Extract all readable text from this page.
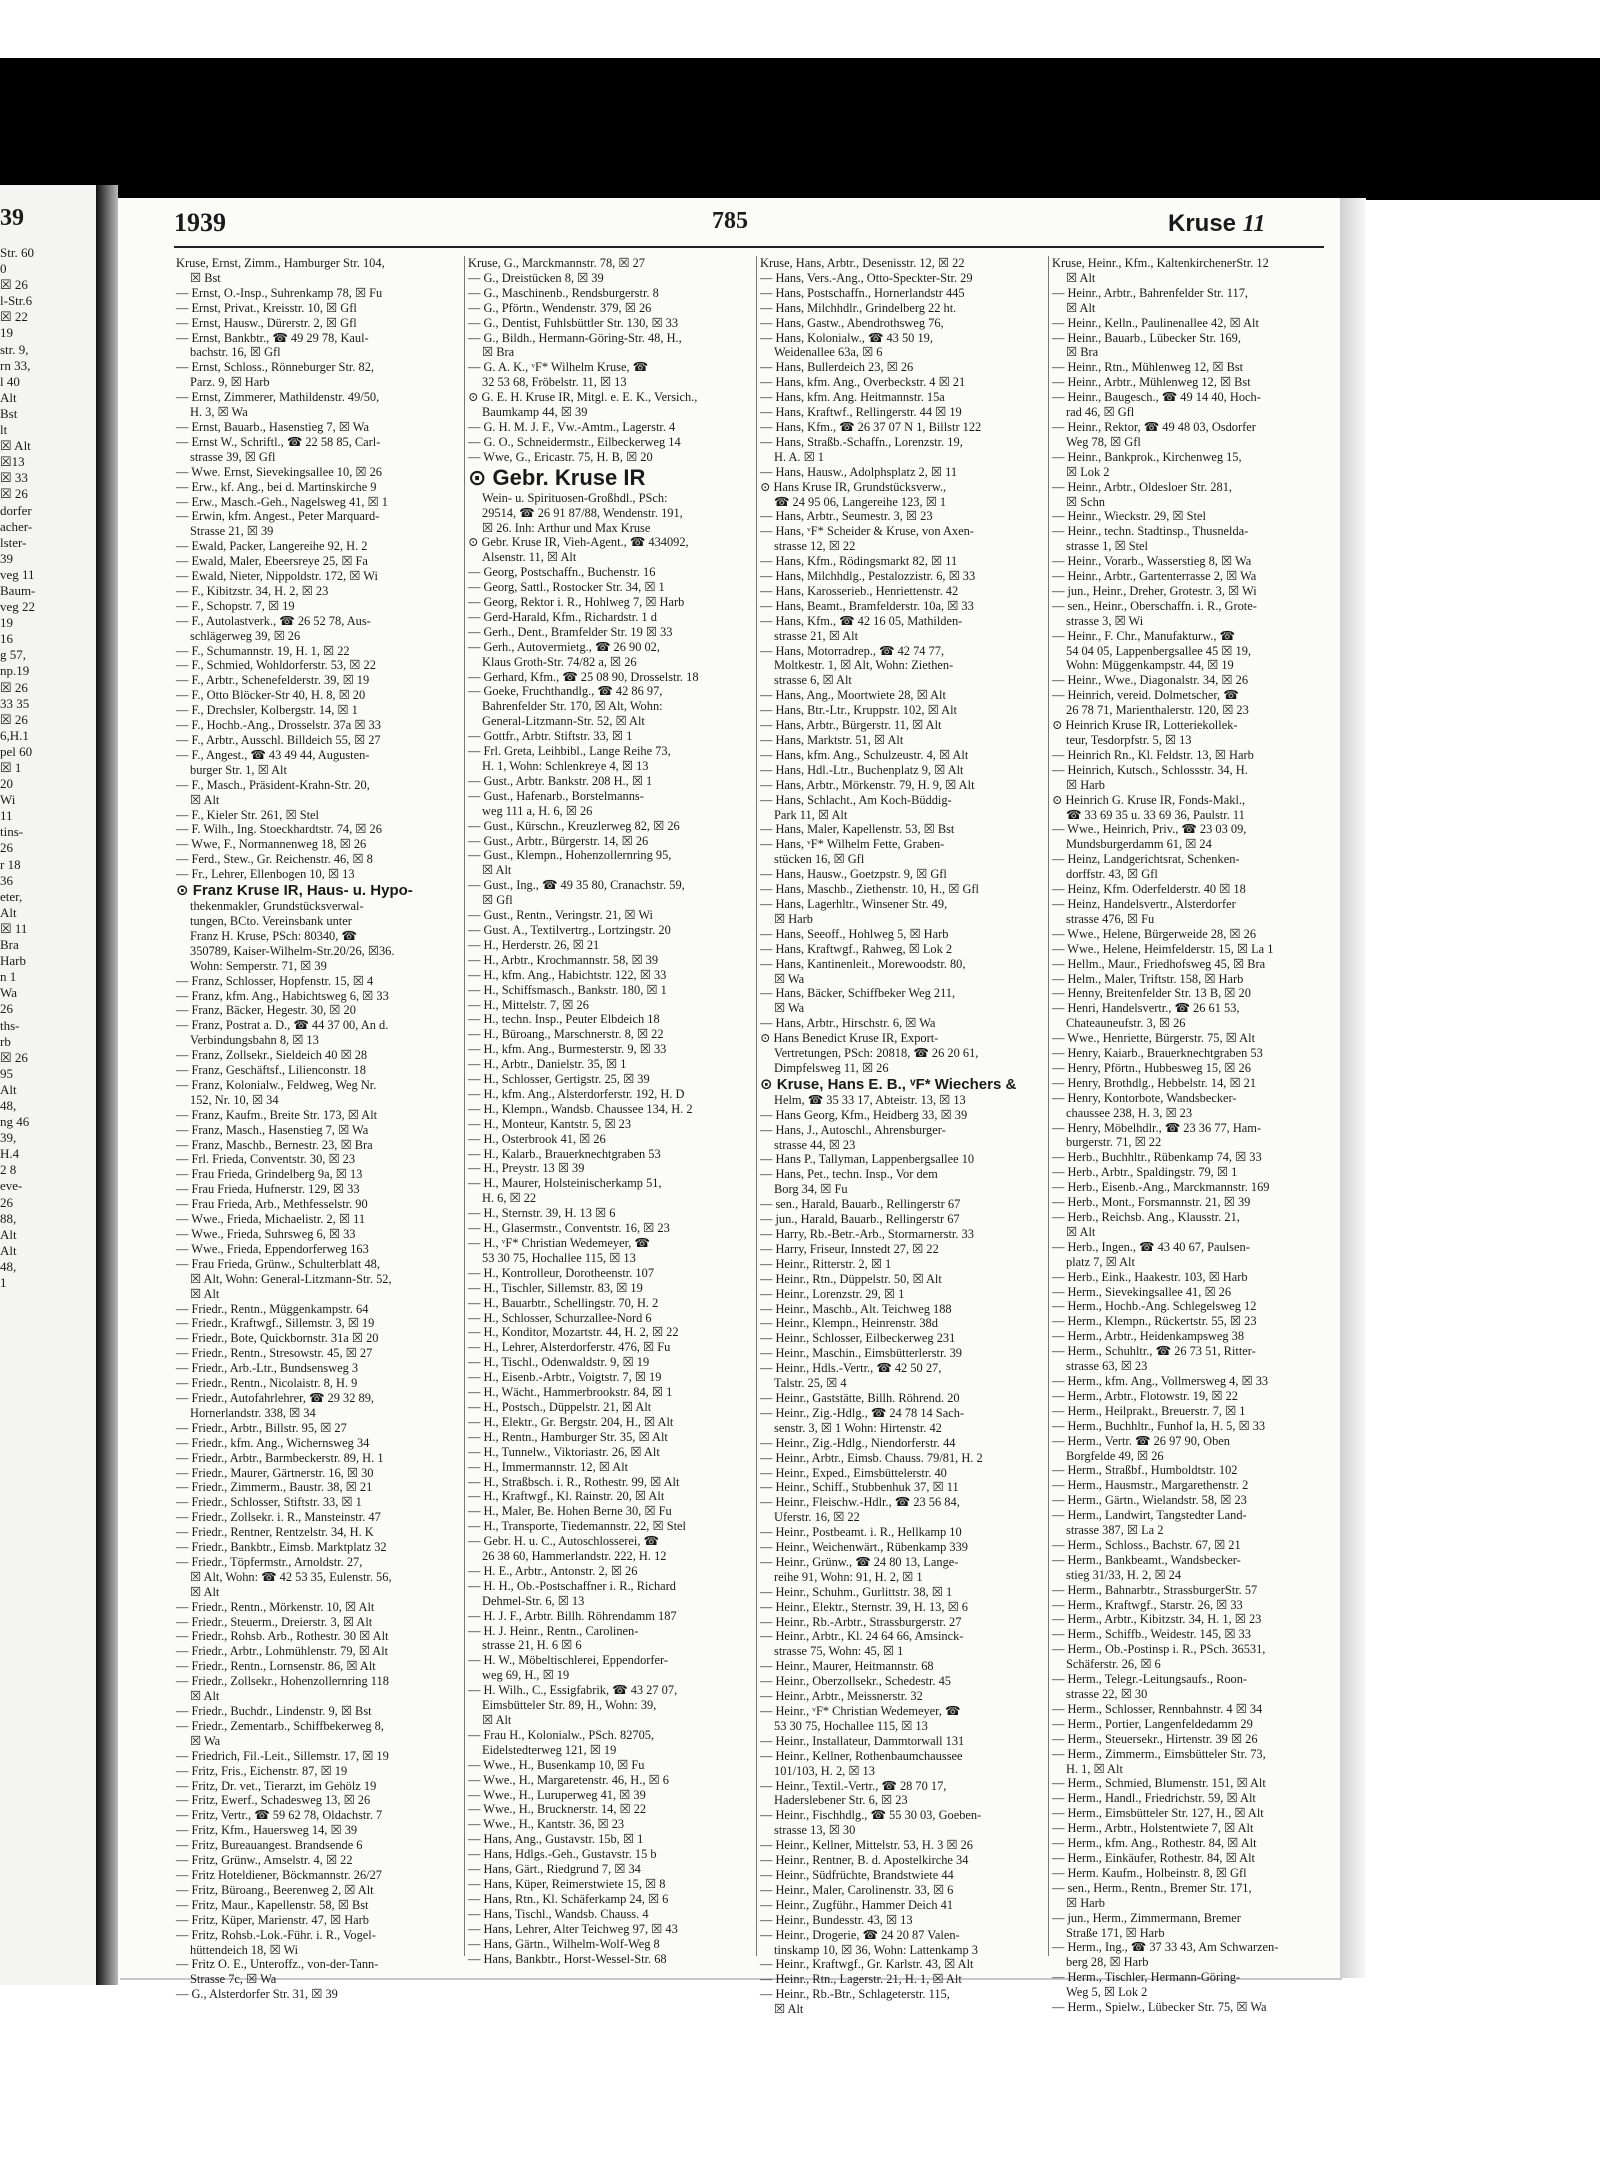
39
Str. 60
0
☒ 26
l-Str.6
☒ 22
19
str. 9,
rn 33,
l 40
Alt
Bst
lt
☒ Alt
☒13
☒ 33
☒ 26
dorfer
acher-
lster-
39
veg 11
Baum-
veg 22
19
16
g 57,
np.19
☒ 26
33 35
☒ 26
6,H.1
pel 60
☒ 1
20
Wi
11
tins-
26
r 18
36
eter,
Alt
☒ 11
Bra
Harb
n 1
Wa
26
ths-
rb
☒ 26
95
Alt
48,
ng 46
39,
H.4
2 8
eve-
26
88,
Alt
Alt
48,
1
1939	785	Kruse 11
Kruse, Ernst, Zimm., Hamburger Str. 104,
☒ Bst
— Ernst, O.-Insp., Suhrenkamp 78, ☒ Fu
— Ernst, Privat., Kreisstr. 10, ☒ Gfl
— Ernst, Hausw., Dürerstr. 2, ☒ Gfl
— Ernst, Bankbtr., ☎ 49 29 78, Kaul-
bachstr. 16, ☒ Gfl
— Ernst, Schloss., Rönneburger Str. 82,
Parz. 9, ☒ Harb
— Ernst, Zimmerer, Mathildenstr. 49/50,
H. 3, ☒ Wa
— Ernst, Bauarb., Hasenstieg 7, ☒ Wa
— Ernst W., Schriftl., ☎ 22 58 85, Carl-
strasse 39, ☒ Gfl
— Wwe. Ernst, Sievekingsallee 10, ☒ 26
— Erw., kf. Ang., bei d. Martinskirche 9
— Erw., Masch.-Geh., Nagelsweg 41, ☒ 1
— Erwin, kfm. Angest., Peter Marquard-
Strasse 21, ☒ 39
— Ewald, Packer, Langereihe 92, H. 2
— Ewald, Maler, Ebeersreye 25, ☒ Fa
— Ewald, Nieter, Nippoldstr. 172, ☒ Wi
— F., Kibitzstr. 34, H. 2, ☒ 23
— F., Schopstr. 7, ☒ 19
— F., Autolastverk., ☎ 26 52 78, Aus-
schlägerweg 39, ☒ 26
— F., Schumannstr. 19, H. 1, ☒ 22
— F., Schmied, Wohldorferstr. 53, ☒ 22
— F., Arbtr., Schenefelderstr. 39, ☒ 19
— F., Otto Blöcker-Str 40, H. 8, ☒ 20
— F., Drechsler, Kolbergstr. 14, ☒ 1
— F., Hochb.-Ang., Drosselstr. 37a ☒ 33
— F., Arbtr., Ausschl. Billdeich 55, ☒ 27
— F., Angest., ☎ 43 49 44, Augusten-
burger Str. 1, ☒ Alt
— F., Masch., Präsident-Krahn-Str. 20,
☒ Alt
— F., Kieler Str. 261, ☒ Stel
— F. Wilh., Ing. Stoeckhardtstr. 74, ☒ 26
— Wwe, F., Normannenweg 18, ☒ 26
— Ferd., Stew., Gr. Reichenstr. 46, ☒ 8
— Fr., Lehrer, Ellenbogen 10, ☒ 13
⊙ Franz Kruse IR, Haus- u. Hypo-
thekenmakler, Grundstücksverwal-
tungen, BCto. Vereinsbank unter
Franz H. Kruse, PSch: 80340, ☎
350789, Kaiser-Wilhelm-Str.20/26, ☒36.
Wohn: Semperstr. 71, ☒ 39
— Franz, Schlosser, Hopfenstr. 15, ☒ 4
— Franz, kfm. Ang., Habichtsweg 6, ☒ 33
— Franz, Bäcker, Hegestr. 30, ☒ 20
— Franz, Postrat a. D., ☎ 44 37 00, An d.
Verbindungsbahn 8, ☒ 13
— Franz, Zollsekr., Sieldeich 40 ☒ 28
— Franz, Geschäftsf., Lilienconstr. 18
— Franz, Kolonialw., Feldweg, Weg Nr.
152, Nr. 10, ☒ 34
— Franz, Kaufm., Breite Str. 173, ☒ Alt
— Franz, Masch., Hasenstieg 7, ☒ Wa
— Franz, Maschb., Bernestr. 23, ☒ Bra
— Frl. Frieda, Conventstr. 30, ☒ 23
— Frau Frieda, Grindelberg 9a, ☒ 13
— Frau Frieda, Hufnerstr. 129, ☒ 33
— Frau Frieda, Arb., Methfesselstr. 90
— Wwe., Frieda, Michaelistr. 2, ☒ 11
— Wwe., Frieda, Suhrsweg 6, ☒ 33
— Wwe., Frieda, Eppendorferweg 163
— Frau Frieda, Grünw., Schulterblatt 48,
☒ Alt, Wohn: General-Litzmann-Str. 52,
☒ Alt
— Friedr., Rentn., Müggenkampstr. 64
— Friedr., Kraftwgf., Sillemstr. 3, ☒ 19
— Friedr., Bote, Quickbornstr. 31a ☒ 20
— Friedr., Rentn., Stresowstr. 45, ☒ 27
— Friedr., Arb.-Ltr., Bundsensweg 3
— Friedr., Rentn., Nicolaistr. 8, H. 9
— Friedr., Autofahrlehrer, ☎ 29 32 89,
Hornerlandstr. 338, ☒ 34
— Friedr., Arbtr., Billstr. 95, ☒ 27
— Friedr., kfm. Ang., Wichernsweg 34
— Friedr., Arbtr., Barmbeckerstr. 89, H. 1
— Friedr., Maurer, Gärtnerstr. 16, ☒ 30
— Friedr., Zimmerm., Baustr. 38, ☒ 21
— Friedr., Schlosser, Stiftstr. 33, ☒ 1
— Friedr., Zollsekr. i. R., Mansteinstr. 47
— Friedr., Rentner, Rentzelstr. 34, H. K
— Friedr., Bankbtr., Eimsb. Marktplatz 32
— Friedr., Töpfermstr., Arnoldstr. 27,
☒ Alt, Wohn: ☎ 42 53 35, Eulenstr. 56,
☒ Alt
— Friedr., Rentn., Mörkenstr. 10, ☒ Alt
— Friedr., Steuerm., Dreierstr. 3, ☒ Alt
— Friedr., Rohsb. Arb., Rothestr. 30 ☒ Alt
— Friedr., Arbtr., Lohmühlenstr. 79, ☒ Alt
— Friedr., Rentn., Lornsenstr. 86, ☒ Alt
— Friedr., Zollsekr., Hohenzollernring 118
☒ Alt
— Friedr., Buchdr., Lindenstr. 9, ☒ Bst
— Friedr., Zementarb., Schiffbekerweg 8,
☒ Wa
— Friedrich, Fil.-Leit., Sillemstr. 17, ☒ 19
— Fritz, Fris., Eichenstr. 87, ☒ 19
— Fritz, Dr. vet., Tierarzt, im Gehölz 19
— Fritz, Ewerf., Schadesweg 13, ☒ 26
— Fritz, Vertr., ☎ 59 62 78, Oldachstr. 7
— Fritz, Kfm., Hauersweg 14, ☒ 39
— Fritz, Bureauangest. Brandsende 6
— Fritz, Grünw., Amselstr. 4, ☒ 22
— Fritz Hoteldiener, Böckmannstr. 26/27
— Fritz, Büroang., Beerenweg 2, ☒ Alt
— Fritz, Maur., Kapellenstr. 58, ☒ Bst
— Fritz, Küper, Marienstr. 47, ☒ Harb
— Fritz, Rohsb.-Lok.-Führ. i. R., Vogel-
hüttendeich 18, ☒ Wi
— Fritz O. E., Unteroffz., von-der-Tann-
Strasse 7c, ☒ Wa
— G., Alsterdorfer Str. 31, ☒ 39
Kruse, G., Marckmannstr. 78, ☒ 27
— G., Dreistücken 8, ☒ 39
— G., Maschinenb., Rendsburgerstr. 8
— G., Pförtn., Wendenstr. 379, ☒ 26
— G., Dentist, Fuhlsbüttler Str. 130, ☒ 33
— G., Bildh., Hermann-Göring-Str. 48, H.,
☒ Bra
— G. A. K., ᵛF* Wilhelm Kruse, ☎
32 53 68, Fröbelstr. 11, ☒ 13
⊙ G. E. H. Kruse IR, Mitgl. e. E. K., Versich.,
Baumkamp 44, ☒ 39
— G. H. M. J. F., Vw.-Amtm., Lagerstr. 4
— G. O., Schneidermstr., Eilbeckerweg 14
— Wwe, G., Ericastr. 75, H. B, ☒ 20
⊙ Gebr. Kruse IR
Wein- u. Spirituosen-Großhdl., PSch:
29514, ☎ 26 91 87/88, Wendenstr. 191,
☒ 26. Inh: Arthur und Max Kruse
⊙ Gebr. Kruse IR, Vieh-Agent., ☎ 434092,
Alsenstr. 11, ☒ Alt
— Georg, Postschaffn., Buchenstr. 16
— Georg, Sattl., Rostocker Str. 34, ☒ 1
— Georg, Rektor i. R., Hohlweg 7, ☒ Harb
— Gerd-Harald, Kfm., Richardstr. 1 d
— Gerh., Dent., Bramfelder Str. 19 ☒ 33
— Gerh., Autovermietg., ☎ 26 90 02,
Klaus Groth-Str. 74/82 a, ☒ 26
— Gerhard, Kfm., ☎ 25 08 90, Drosselstr. 18
— Goeke, Fruchthandlg., ☎ 42 86 97,
Bahrenfelder Str. 170, ☒ Alt, Wohn:
General-Litzmann-Str. 52, ☒ Alt
— Gottfr., Arbtr. Stiftstr. 33, ☒ 1
— Frl. Greta, Leihbibl., Lange Reihe 73,
H. 1, Wohn: Schlenkreye 4, ☒ 13
— Gust., Arbtr. Bankstr. 208 H., ☒ 1
— Gust., Hafenarb., Borstelmanns-
weg 111 a, H. 6, ☒ 26
— Gust., Kürschn., Kreuzlerweg 82, ☒ 26
— Gust., Arbtr., Bürgerstr. 14, ☒ 26
— Gust., Klempn., Hohenzollernring 95,
☒ Alt
— Gust., Ing., ☎ 49 35 80, Cranachstr. 59,
☒ Gfl
— Gust., Rentn., Veringstr. 21, ☒ Wi
— Gust. A., Textilvertrg., Lortzingstr. 20
— H., Herderstr. 26, ☒ 21
— H., Arbtr., Krochmannstr. 58, ☒ 39
— H., kfm. Ang., Habichtstr. 122, ☒ 33
— H., Schiffsmasch., Bankstr. 180, ☒ 1
— H., Mittelstr. 7, ☒ 26
— H., techn. Insp., Peuter Elbdeich 18
— H., Büroang., Marschnerstr. 8, ☒ 22
— H., kfm. Ang., Burmesterstr. 9, ☒ 33
— H., Arbtr., Danielstr. 35, ☒ 1
— H., Schlosser, Gertigstr. 25, ☒ 39
— H., kfm. Ang., Alsterdorferstr. 192, H. D
— H., Klempn., Wandsb. Chaussee 134, H. 2
— H., Monteur, Kantstr. 5, ☒ 23
— H., Osterbrook 41, ☒ 26
— H., Kalarb., Brauerknechtgraben 53
— H., Preystr. 13 ☒ 39
— H., Maurer, Holsteinischerkamp 51,
H. 6, ☒ 22
— H., Sternstr. 39, H. 13 ☒ 6
— H., Glasermstr., Conventstr. 16, ☒ 23
— H., ᵛF* Christian Wedemeyer, ☎
53 30 75, Hochallee 115, ☒ 13
— H., Kontrolleur, Dorotheenstr. 107
— H., Tischler, Sillemstr. 83, ☒ 19
— H., Bauarbtr., Schellingstr. 70, H. 2
— H., Schlosser, Schurzallee-Nord 6
— H., Konditor, Mozartstr. 44, H. 2, ☒ 22
— H., Lehrer, Alsterdorferstr. 476, ☒ Fu
— H., Tischl., Odenwaldstr. 9, ☒ 19
— H., Eisenb.-Arbtr., Voigtstr. 7, ☒ 19
— H., Wächt., Hammerbrookstr. 84, ☒ 1
— H., Postsch., Düppelstr. 21, ☒ Alt
— H., Elektr., Gr. Bergstr. 204, H., ☒ Alt
— H., Rentn., Hamburger Str. 35, ☒ Alt
— H., Tunnelw., Viktoriastr. 26, ☒ Alt
— H., Immermannstr. 12, ☒ Alt
— H., Straßbsch. i. R., Rothestr. 99, ☒ Alt
— H., Kraftwgf., Kl. Rainstr. 20, ☒ Alt
— H., Maler, Be. Hohen Berne 30, ☒ Fu
— H., Transporte, Tiedemannstr. 22, ☒ Stel
— Gebr. H. u. C., Autoschlosserei, ☎
26 38 60, Hammerlandstr. 222, H. 12
— H. E., Arbtr., Antonstr. 2, ☒ 26
— H. H., Ob.-Postschaffner i. R., Richard
Dehmel-Str. 6, ☒ 13
— H. J. F., Arbtr. Billh. Röhrendamm 187
— H. J. Heinr., Rentn., Carolinen-
strasse 21, H. 6 ☒ 6
— H. W., Möbeltischlerei, Eppendorfer-
weg 69, H., ☒ 19
— H. Wilh., C., Essigfabrik, ☎ 43 27 07,
Eimsbütteler Str. 89, H., Wohn: 39,
☒ Alt
— Frau H., Kolonialw., PSch. 82705,
Eidelstedterweg 121, ☒ 19
— Wwe., H., Busenkamp 10, ☒ Fu
— Wwe., H., Margaretenstr. 46, H., ☒ 6
— Wwe., H., Luruperweg 41, ☒ 39
— Wwe., H., Brucknerstr. 14, ☒ 22
— Wwe., H., Kantstr. 36, ☒ 23
— Hans, Ang., Gustavstr. 15b, ☒ 1
— Hans, Hdlgs.-Geh., Gustavstr. 15 b
— Hans, Gärt., Riedgrund 7, ☒ 34
— Hans, Küper, Reimerstwiete 15, ☒ 8
— Hans, Rtn., Kl. Schäferkamp 24, ☒ 6
— Hans, Tischl., Wandsb. Chauss. 4
— Hans, Lehrer, Alter Teichweg 97, ☒ 43
— Hans, Gärtn., Wilhelm-Wolf-Weg 8
— Hans, Bankbtr., Horst-Wessel-Str. 68
Kruse, Hans, Arbtr., Desenisstr. 12, ☒ 22
— Hans, Vers.-Ang., Otto-Speckter-Str. 29
— Hans, Postschaffn., Hornerlandstr 445
— Hans, Milchhdlr., Grindelberg 22 ht.
— Hans, Gastw., Abendrothsweg 76,
— Hans, Kolonialw., ☎ 43 50 19,
Weidenallee 63a, ☒ 6
— Hans, Bullerdeich 23, ☒ 26
— Hans, kfm. Ang., Overbeckstr. 4 ☒ 21
— Hans, kfm. Ang. Heitmannstr. 15a
— Hans, Kraftwf., Rellingerstr. 44 ☒ 19
— Hans, Kfm., ☎ 26 37 07 N 1, Billstr 122
— Hans, Straßb.-Schaffn., Lorenzstr. 19,
H. A. ☒ 1
— Hans, Hausw., Adolphsplatz 2, ☒ 11
⊙ Hans Kruse IR, Grundstücksverw.,
☎ 24 95 06, Langereihe 123, ☒ 1
— Hans, Arbtr., Seumestr. 3, ☒ 23
— Hans, ᵛF* Scheider & Kruse, von Axen-
strasse 12, ☒ 22
— Hans, Kfm., Rödingsmarkt 82, ☒ 11
— Hans, Milchhdlg., Pestalozzistr. 6, ☒ 33
— Hans, Karosserieb., Henriettenstr. 42
— Hans, Beamt., Bramfelderstr. 10a, ☒ 33
— Hans, Kfm., ☎ 42 16 05, Mathilden-
strasse 21, ☒ Alt
— Hans, Motorradrep., ☎ 42 74 77,
Moltkestr. 1, ☒ Alt, Wohn: Ziethen-
strasse 6, ☒ Alt
— Hans, Ang., Moortwiete 28, ☒ Alt
— Hans, Btr.-Ltr., Kruppstr. 102, ☒ Alt
— Hans, Arbtr., Bürgerstr. 11, ☒ Alt
— Hans, Marktstr. 51, ☒ Alt
— Hans, kfm. Ang., Schulzeustr. 4, ☒ Alt
— Hans, Hdl.-Ltr., Buchenplatz 9, ☒ Alt
— Hans, Arbtr., Mörkenstr. 79, H. 9, ☒ Alt
— Hans, Schlacht., Am Koch-Büddig-
Park 11, ☒ Alt
— Hans, Maler, Kapellenstr. 53, ☒ Bst
— Hans, ᵛF* Wilhelm Fette, Graben-
stücken 16, ☒ Gfl
— Hans, Hausw., Goetzpstr. 9, ☒ Gfl
— Hans, Maschb., Ziethenstr. 10, H., ☒ Gfl
— Hans, Lagerhltr., Winsener Str. 49,
☒ Harb
— Hans, Seeoff., Hohlweg 5, ☒ Harb
— Hans, Kraftwgf., Rahweg, ☒ Lok 2
— Hans, Kantinenleit., Morewoodstr. 80,
☒ Wa
— Hans, Bäcker, Schiffbeker Weg 211,
☒ Wa
— Hans, Arbtr., Hirschstr. 6, ☒ Wa
⊙ Hans Benedict Kruse IR, Export-
Vertretungen, PSch: 20818, ☎ 26 20 61,
Dimpfelsweg 11, ☒ 26
⊙ Kruse, Hans E. B., ᵛF* Wiechers &
Helm, ☎ 35 33 17, Abteistr. 13, ☒ 13
— Hans Georg, Kfm., Heidberg 33, ☒ 39
— Hans, J., Autoschl., Ahrensburger-
strasse 44, ☒ 23
— Hans P., Tallyman, Lappenbergsallee 10
— Hans, Pet., techn. Insp., Vor dem
Borg 34, ☒ Fu
— sen., Harald, Bauarb., Rellingerstr 67
— jun., Harald, Bauarb., Rellingerstr 67
— Harry, Rb.-Betr.-Arb., Stormarnerstr. 33
— Harry, Friseur, Innstedt 27, ☒ 22
— Heinr., Ritterstr. 2, ☒ 1
— Heinr., Rtn., Düppelstr. 50, ☒ Alt
— Heinr., Lorenzstr. 29, ☒ 1
— Heinr., Maschb., Alt. Teichweg 188
— Heinr., Klempn., Heinrenstr. 38d
— Heinr., Schlosser, Eilbeckerweg 231
— Heinr., Maschin., Eimsbütterlerstr. 39
— Heinr., Hdls.-Vertr., ☎ 42 50 27,
Talstr. 25, ☒ 4
— Heinr., Gaststätte, Billh. Röhrend. 20
— Heinr., Zig.-Hdlg., ☎ 24 78 14 Sach-
senstr. 3, ☒ 1 Wohn: Hirtenstr. 42
— Heinr., Zig.-Hdlg., Niendorferstr. 44
— Heinr., Arbtr., Eimsb. Chauss. 79/81, H. 2
— Heinr., Exped., Eimsbüttelerstr. 40
— Heinr., Schiff., Stubbenhuk 37, ☒ 11
— Heinr., Fleischw.-Hdlr., ☎ 23 56 84,
Uferstr. 16, ☒ 22
— Heinr., Postbeamt. i. R., Hellkamp 10
— Heinr., Weichenwärt., Rübenkamp 339
— Heinr., Grünw., ☎ 24 80 13, Lange-
reihe 91, Wohn: 91, H. 2, ☒ 1
— Heinr., Schuhm., Gurlittstr. 38, ☒ 1
— Heinr., Elektr., Sternstr. 39, H. 13, ☒ 6
— Heinr., Rb.-Arbtr., Strassburgerstr. 27
— Heinr., Arbtr., Kl. 24 64 66, Amsinck-
strasse 75, Wohn: 45, ☒ 1
— Heinr., Maurer, Heitmannstr. 68
— Heinr., Oberzollsekr., Schedestr. 45
— Heinr., Arbtr., Meissnerstr. 32
— Heinr., ᵛF* Christian Wedemeyer, ☎
53 30 75, Hochallee 115, ☒ 13
— Heinr., Installateur, Dammtorwall 131
— Heinr., Kellner, Rothenbaumchaussee
101/103, H. 2, ☒ 13
— Heinr., Textil.-Vertr., ☎ 28 70 17,
Haderslebener Str. 6, ☒ 23
— Heinr., Fischhdlg., ☎ 55 30 03, Goeben-
strasse 13, ☒ 30
— Heinr., Kellner, Mittelstr. 53, H. 3 ☒ 26
— Heinr., Rentner, B. d. Apostelkirche 34
— Heinr., Südfrüchte, Brandstwiete 44
— Heinr., Maler, Carolinenstr. 33, ☒ 6
— Heinr., Zugführ., Hammer Deich 41
— Heinr., Bundesstr. 43, ☒ 13
— Heinr., Drogerie, ☎ 24 20 87 Valen-
tinskamp 10, ☒ 36, Wohn: Lattenkamp 3
— Heinr., Kraftwgf., Gr. Karlstr. 43, ☒ Alt
— Heinr., Rtn., Lagerstr. 21, H. 1, ☒ Alt
— Heinr., Rb.-Btr., Schlageterstr. 115,
☒ Alt
Kruse, Heinr., Kfm., KaltenkirchenerStr. 12
☒ Alt
— Heinr., Arbtr., Bahrenfelder Str. 117,
☒ Alt
— Heinr., Kelln., Paulinenallee 42, ☒ Alt
— Heinr., Bauarb., Lübecker Str. 169,
☒ Bra
— Heinr., Rtn., Mühlenweg 12, ☒ Bst
— Heinr., Arbtr., Mühlenweg 12, ☒ Bst
— Heinr., Baugesch., ☎ 49 14 40, Hoch-
rad 46, ☒ Gfl
— Heinr., Rektor, ☎ 49 48 03, Osdorfer
Weg 78, ☒ Gfl
— Heinr., Bankprok., Kirchenweg 15,
☒ Lok 2
— Heinr., Arbtr., Oldesloer Str. 281,
☒ Schn
— Heinr., Wieckstr. 29, ☒ Stel
— Heinr., techn. Stadtinsp., Thusnelda-
strasse 1, ☒ Stel
— Heinr., Vorarb., Wasserstieg 8, ☒ Wa
— Heinr., Arbtr., Gartenterrasse 2, ☒ Wa
— jun., Heinr., Dreher, Grotestr. 3, ☒ Wi
— sen., Heinr., Oberschaffn. i. R., Grote-
strasse 3, ☒ Wi
— Heinr., F. Chr., Manufakturw., ☎
54 04 05, Lappenbergsallee 45 ☒ 19,
Wohn: Müggenkampstr. 44, ☒ 19
— Heinr., Wwe., Diagonalstr. 34, ☒ 26
— Heinrich, vereid. Dolmetscher, ☎
26 78 71, Marienthalerstr. 120, ☒ 23
⊙ Heinrich Kruse IR, Lotteriekollek-
teur, Tesdorpfstr. 5, ☒ 13
— Heinrich Rn., Kl. Feldstr. 13, ☒ Harb
— Heinrich, Kutsch., Schlossstr. 34, H.
☒ Harb
⊙ Heinrich G. Kruse IR, Fonds-Makl.,
☎ 33 69 35 u. 33 69 36, Paulstr. 11
— Wwe., Heinrich, Priv., ☎ 23 03 09,
Mundsburgerdamm 61, ☒ 24
— Heinz, Landgerichtsrat, Schenken-
dorffstr. 43, ☒ Gfl
— Heinz, Kfm. Oderfelderstr. 40 ☒ 18
— Heinz, Handelsvertr., Alsterdorfer
strasse 476, ☒ Fu
— Wwe., Helene, Bürgerweide 28, ☒ 26
— Wwe., Helene, Heimfelderstr. 15, ☒ La 1
— Hellm., Maur., Friedhofsweg 45, ☒ Bra
— Helm., Maler, Triftstr. 158, ☒ Harb
— Henny, Breitenfelder Str. 13 B, ☒ 20
— Henri, Handelsvertr., ☎ 26 61 53,
Chateauneufstr. 3, ☒ 26
— Wwe., Henriette, Bürgerstr. 75, ☒ Alt
— Henry, Kaiarb., Brauerknechtgraben 53
— Henry, Pförtn., Hubbesweg 15, ☒ 26
— Henry, Brothdlg., Hebbelstr. 14, ☒ 21
— Henry, Kontorbote, Wandsbecker-
chaussee 238, H. 3, ☒ 23
— Henry, Möbelhdlr., ☎ 23 36 77, Ham-
burgerstr. 71, ☒ 22
— Herb., Buchhltr., Rübenkamp 74, ☒ 33
— Herb., Arbtr., Spaldingstr. 79, ☒ 1
— Herb., Eisenb.-Ang., Marckmannstr. 169
— Herb., Mont., Forsmannstr. 21, ☒ 39
— Herb., Reichsb. Ang., Klausstr. 21,
☒ Alt
— Herb., Ingen., ☎ 43 40 67, Paulsen-
platz 7, ☒ Alt
— Herb., Eink., Haakestr. 103, ☒ Harb
— Herm., Sievekingsallee 41, ☒ 26
— Herm., Hochb.-Ang. Schlegelsweg 12
— Herm., Klempn., Rückertstr. 55, ☒ 23
— Herm., Arbtr., Heidenkampsweg 38
— Herm., Schuhltr., ☎ 26 73 51, Ritter-
strasse 63, ☒ 23
— Herm., kfm. Ang., Vollmersweg 4, ☒ 33
— Herm., Arbtr., Flotowstr. 19, ☒ 22
— Herm., Heilprakt., Breuerstr. 7, ☒ 1
— Herm., Buchhltr., Funhof la, H. 5, ☒ 33
— Herm., Vertr. ☎ 26 97 90, Oben
Borgfelde 49, ☒ 26
— Herm., Straßbf., Humboldtstr. 102
— Herm., Hausmstr., Margarethenstr. 2
— Herm., Gärtn., Wielandstr. 58, ☒ 23
— Herm., Landwirt, Tangstedter Land-
strasse 387, ☒ La 2
— Herm., Schloss., Bachstr. 67, ☒ 21
— Herm., Bankbeamt., Wandsbecker-
stieg 31/33, H. 2, ☒ 24
— Herm., Bahnarbtr., StrassburgerStr. 57
— Herm., Kraftwgf., Starstr. 26, ☒ 33
— Herm., Arbtr., Kibitzstr. 34, H. 1, ☒ 23
— Herm., Schiffb., Weidestr. 145, ☒ 33
— Herm., Ob.-Postinsp i. R., PSch. 36531,
Schäferstr. 26, ☒ 6
— Herm., Telegr.-Leitungsaufs., Roon-
strasse 22, ☒ 30
— Herm., Schlosser, Rennbahnstr. 4 ☒ 34
— Herm., Portier, Langenfeldedamm 29
— Herm., Steuersekr., Hirtenstr. 39 ☒ 26
— Herm., Zimmerm., Eimsbütteler Str. 73,
H. 1, ☒ Alt
— Herm., Schmied, Blumenstr. 151, ☒ Alt
— Herm., Handl., Friedrichstr. 59, ☒ Alt
— Herm., Eimsbütteler Str. 127, H., ☒ Alt
— Herm., Arbtr., Holstentwiete 7, ☒ Alt
— Herm., kfm. Ang., Rothestr. 84, ☒ Alt
— Herm., Einkäufer, Rothestr. 84, ☒ Alt
— Herm. Kaufm., Holbeinstr. 8, ☒ Gfl
— sen., Herm., Rentn., Bremer Str. 171,
☒ Harb
— jun., Herm., Zimmermann, Bremer
Straße 171, ☒ Harb
— Herm., Ing., ☎ 37 33 43, Am Schwarzen-
berg 28, ☒ Harb
— Herm., Tischler, Hermann-Göring-
Weg 5, ☒ Lok 2
— Herm., Spielw., Lübecker Str. 75, ☒ Wa
